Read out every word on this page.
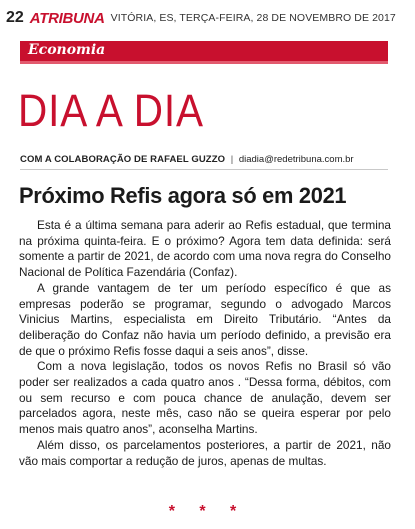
22 ATRIBUNA VITÓRIA, ES, TERÇA-FEIRA, 28 DE NOVEMBRO DE 2017
Economia
DIA A DIA
COM A COLABORAÇÃO DE RAFAEL GUZZO | diadia@redetribuna.com.br
Próximo Refis agora só em 2021

Esta é a última semana para aderir ao Refis estadual, que termina na próxima quinta-feira. E o próximo? Agora tem data definida: será somente a partir de 2021, de acordo com uma nova regra do Conselho Nacional de Política Fazendária (Confaz).

A grande vantagem de ter um período específico é que as empresas poderão se programar, segundo o advogado Marcos Vinicius Martins, especialista em Direito Tributário. “Antes da deliberação do Confaz não havia um período definido, a previsão era de que o próximo Refis fosse daqui a seis anos”, disse.

Com a nova legislação, todos os novos Refis no Brasil só vão poder ser realizados a cada quatro anos . “Dessa forma, débitos, com ou sem recurso e com pouca chance de anulação, devem ser parcelados agora, neste mês, caso não se queira esperar por pelo menos mais quatro anos”, aconselha Martins.

Além disso, os parcelamentos posteriores, a partir de 2021, não vão mais comportar a redução de juros, apenas de multas.

* * *
